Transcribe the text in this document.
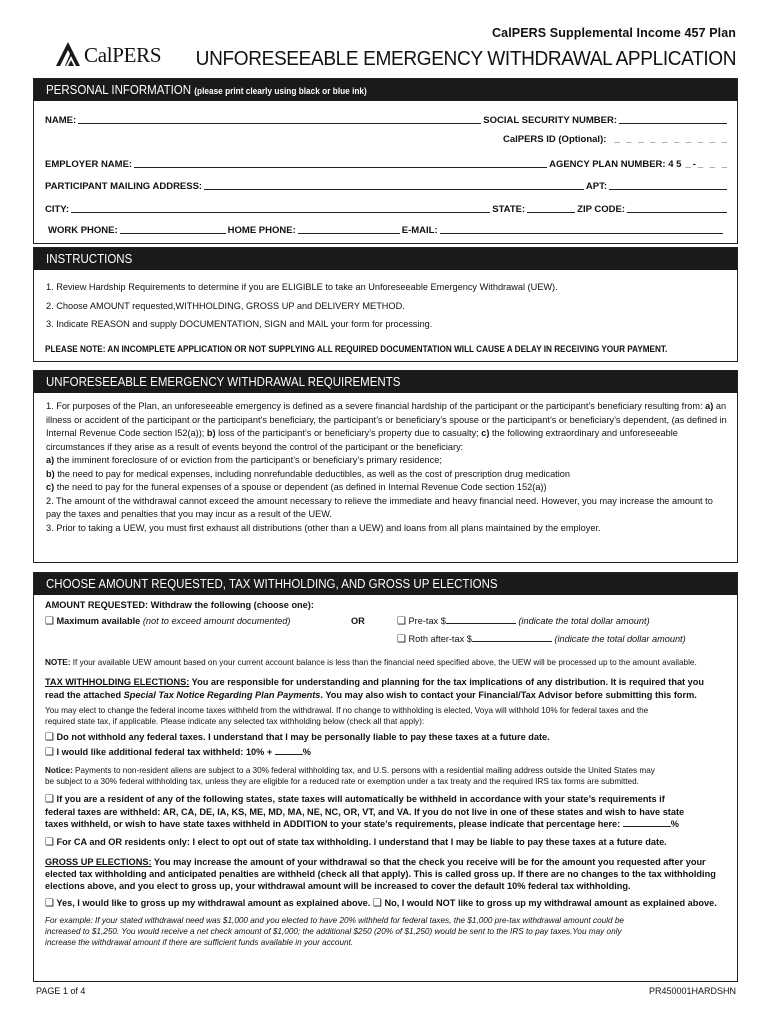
CalPERS Supplemental Income 457 Plan
CalPERS UNFORESEEABLE EMERGENCY WITHDRAWAL APPLICATION
PERSONAL INFORMATION (please print clearly using black or blue ink)
NAME:	SOCIAL SECURITY NUMBER:
CalPERS ID (Optional): _ _ _ _ _ _ _ _ _ _
EMPLOYER NAME:	AGENCY PLAN NUMBER: 4 5 _-_ _ _
PARTICIPANT MAILING ADDRESS:	APT:
CITY:	STATE:	ZIP CODE:
WORK PHONE:	HOME PHONE:	E-MAIL:
INSTRUCTIONS
1. Review Hardship Requirements to determine if you are ELIGIBLE to take an Unforeseeable Emergency Withdrawal (UEW).
2. Choose AMOUNT requested,WITHHOLDING, GROSS UP and DELIVERY METHOD.
3. Indicate REASON and supply DOCUMENTATION, SIGN and MAIL your form for processing.
PLEASE NOTE: AN INCOMPLETE APPLICATION OR NOT SUPPLYING ALL REQUIRED DOCUMENTATION WILL CAUSE A DELAY IN RECEIVING YOUR PAYMENT.
UNFORESEEABLE EMERGENCY WITHDRAWAL REQUIREMENTS
1. For purposes of the Plan, an unforeseeable emergency is defined as a severe financial hardship of the participant or the participant’s beneficiary resulting from: a) an illness or accident of the participant or the participant’s beneficiary, the participant’s or beneficiary’s spouse or the participant’s or beneficiary’s dependent, (as defined in Internal Revenue Code section I52(a)); b) loss of the participant’s or beneficiary’s property due to casualty; c) the following extraordinary and unforeseeable circumstances if they arise as a result of events beyond the control of the participant or the beneficiary:
a) the imminent foreclosure of or eviction from the participant’s or beneficiary’s primary residence;
b) the need to pay for medical expenses, including nonrefundable deductibles, as well as the cost of prescription drug medication
c) the need to pay for the funeral expenses of a spouse or dependent (as defined in Internal Revenue Code section 152(a))
2. The amount of the withdrawal cannot exceed the amount necessary to relieve the immediate and heavy financial need. However, you may increase the amount to pay the taxes and penalties that you may incur as a result of the UEW.
3. Prior to taking a UEW, you must first exhaust all distributions (other than a UEW) and loans from all plans maintained by the employer.
CHOOSE AMOUNT REQUESTED, TAX WITHHOLDING, AND GROSS UP ELECTIONS
AMOUNT REQUESTED: Withdraw the following (choose one):
❑ Maximum available (not to exceed amount documented)	OR	❑ Pre-tax $	(indicate the total dollar amount)
❑ Roth after-tax $	(indicate the total dollar amount)
NOTE: If your available UEW amount based on your current account balance is less than the financial need specified above, the UEW will be processed up to the amount available.
TAX WITHHOLDING ELECTIONS: You are responsible for understanding and planning for the tax implications of any distribution. It is required that you
read the attached Special Tax Notice Regarding Plan Payments. You may also wish to contact your Financial/Tax Advisor before submitting this form.
You may elect to change the federal income taxes withheld from the withdrawal. If no change to withholding is elected, Voya will withhold 10% for federal taxes and the
required state tax, if applicable. Please indicate any selected tax withholding below (check all that apply):
❑ Do not withhold any federal taxes. I understand that I may be personally liable to pay these taxes at a future date.
❑ I would like additional federal tax withheld: 10% +	%
Notice: Payments to non-resident aliens are subject to a 30% federal withholding tax, and U.S. persons with a residential mailing address outside the United States may
be subject to a 30% federal withholding tax, unless they are eligible for a reduced rate or exemption under a tax treaty and the required IRS tax forms are submitted.
❑ If you are a resident of any of the following states, state taxes will automatically be withheld in accordance with your state’s requirements if
federal taxes are withheld: AR, CA, DE, IA, KS, ME, MD, MA, NE, NC, OR, VT, and VA. If you do not live in one of these states and wish to have state
taxes withheld, or wish to have state taxes withheld in ADDITION to your state’s requirements, please indicate that percentage here:	%
❑ For CA and OR residents only: I elect to opt out of state tax withholding. I understand that I may be liable to pay these taxes at a future date.
GROSS UP ELECTIONS: You may increase the amount of your withdrawal so that the check you receive will be for the amount you requested after your
elected tax withholding and anticipated penalties are withheld (check all that apply). This is called gross up. If there are no changes to the tax withholding
elections above, and you elect to gross up, your withdrawal amount will be increased to cover the default 10% federal tax withholding.
❑ Yes, I would like to gross up my withdrawal amount as explained above. ❑ No, I would NOT like to gross up my withdrawal amount as explained above.
For example: If your stated withdrawal need was $1,000 and you elected to have 20% withheld for federal taxes, the $1,000 pre-tax withdrawal amount could be
increased to $1,250. You would receive a net check amount of $1,000; the additional $250 (20% of $1,250) would be sent to the IRS to pay taxes.You may only
increase the withdrawal amount if there are sufficient funds available in your account.
PAGE 1 of 4	PR450001HARDSHN
